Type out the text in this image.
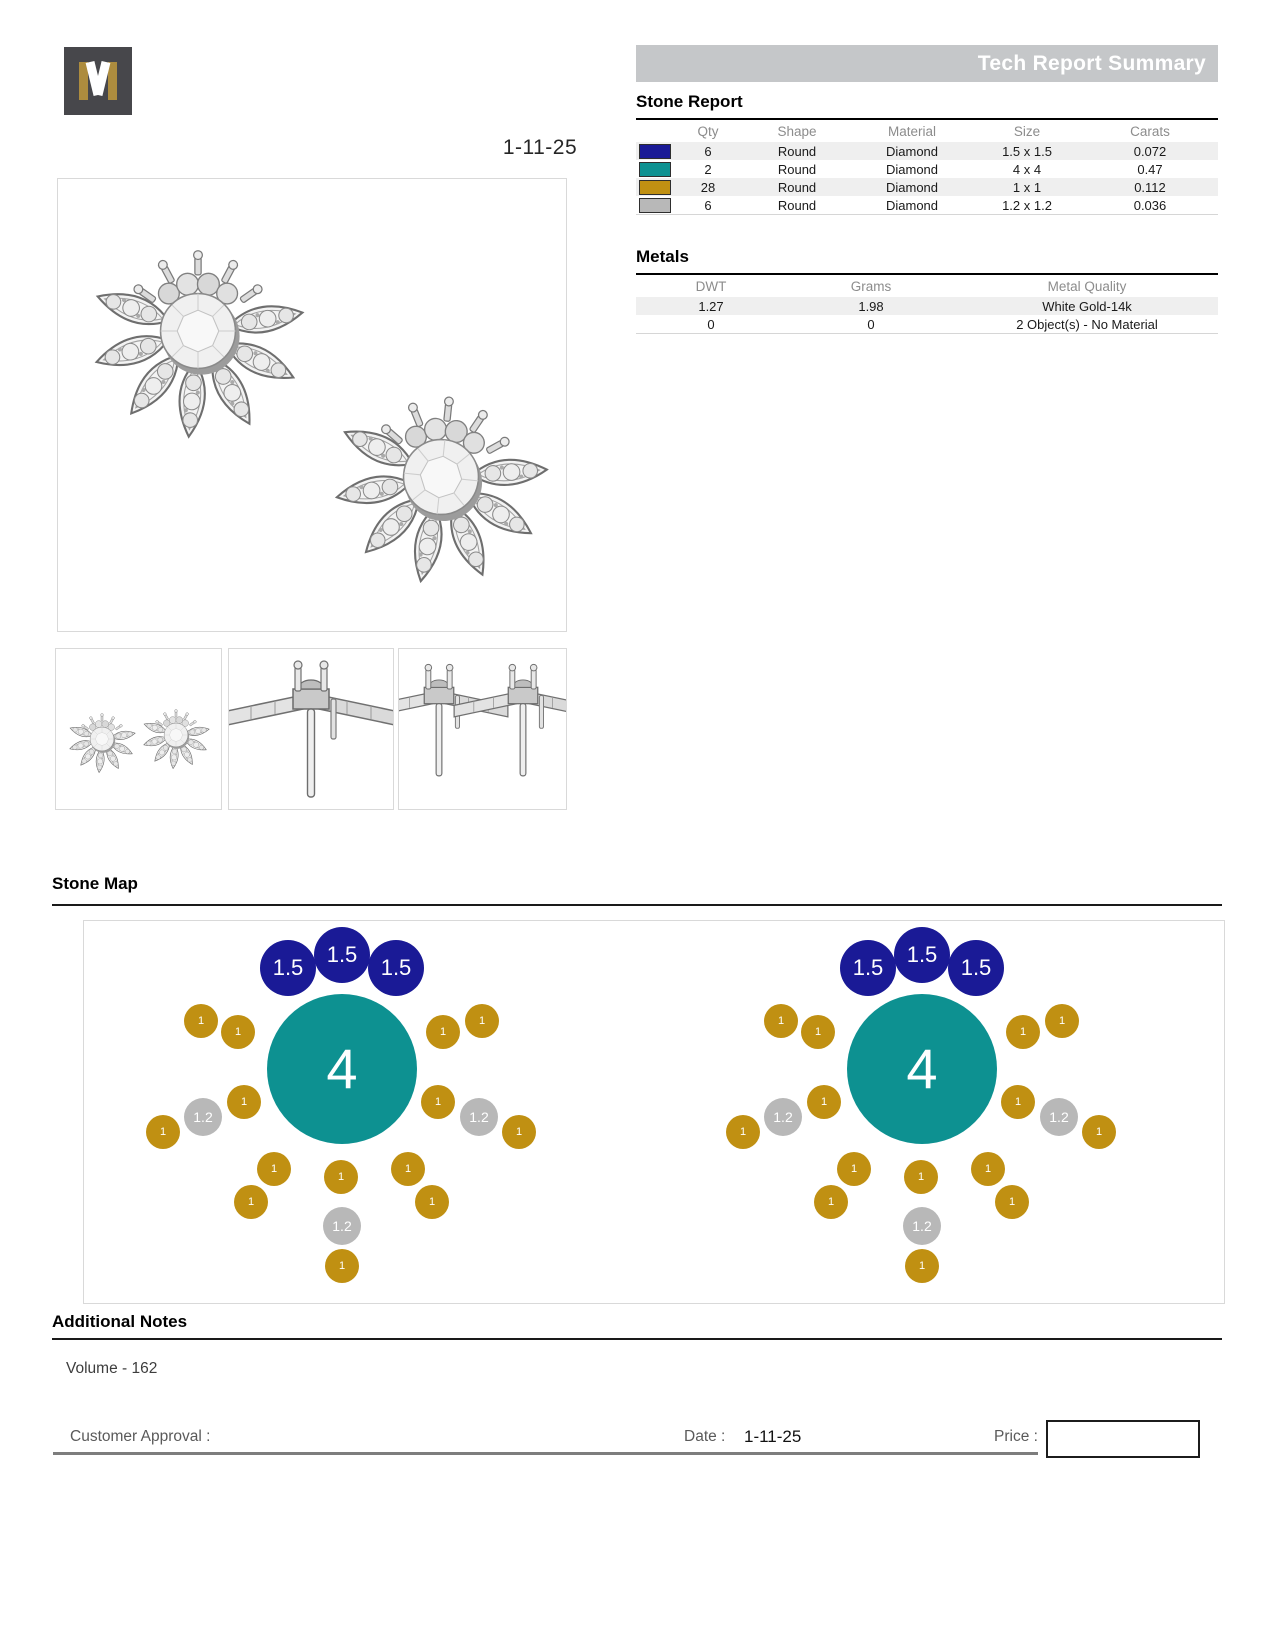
1-11-25
Tech Report Summary
Stone Report
	Qty	Shape	Material	Size	Carats
	6	Round	Diamond	1.5 x 1.5	0.072
	2	Round	Diamond	4 x 4	0.47
	28	Round	Diamond	1 x 1	0.112
	6	Round	Diamond	1.2 x 1.2	0.036
Metals
DWT	Grams	Metal Quality
1.27	1.98	White Gold-14k
0	0	2 Object(s) - No Material
Stone Map
1.5
1.5
1.5
4
1
1	1
1
1
1.2
1
1
1.2
1
1
1
1
1
1
1.2
1
1.5
1.5
1.5
4
1
1	1
1
1
1.2
1
1
1.2
1
1
1
1
1
1
1.2
1
Additional Notes
Volume - 162
Customer Approval :	Date : 1-11-25	Price :
